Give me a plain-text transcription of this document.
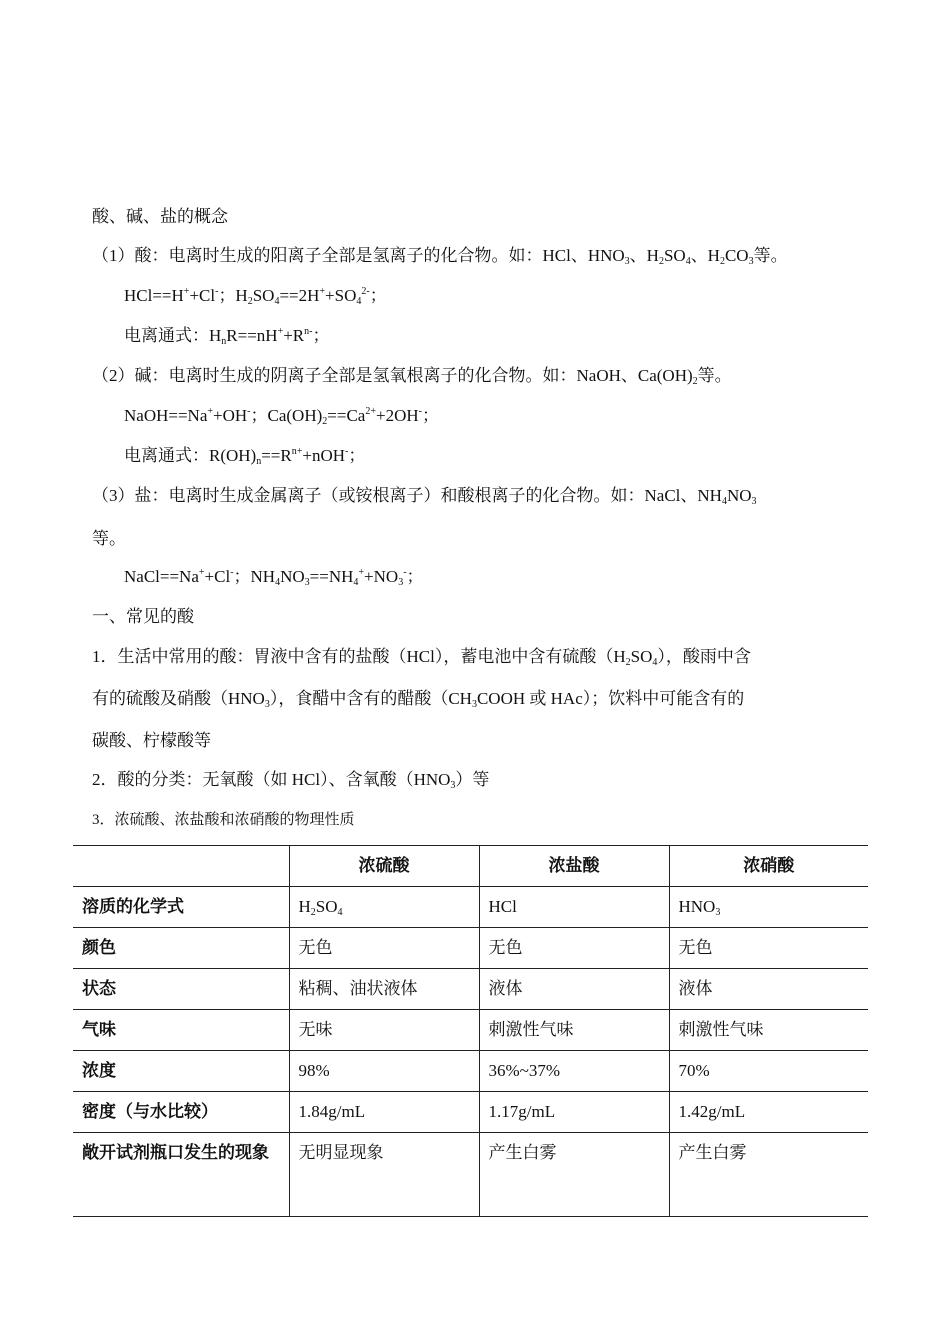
酸、碱、盐的概念
（1）酸：电离时生成的阳离子全部是氢离子的化合物。如：HCl、$HNO_3$、$H_2SO_4$、$H_2CO_3$等。
HCl==H++Cl-；$H_2SO_4==2H^++SO_4^{2-}$；
电离通式：$H_nR==nH^++R^{n-}$；
（2）碱：电离时生成的阴离子全部是氢氧根离子的化合物。如：NaOH、$Ca(OH)_2$等。
NaOH==Na++OH-；$Ca(OH)_2==Ca^{2+}+2OH^-$；
电离通式：$R(OH)_n==R^{n+}+nOH^-$；
（3）盐：电离时生成金属离子（或铵根离子）和酸根离子的化合物。如：NaCl、$NH_4NO_3$
等。
NaCl==Na++Cl-；$NH_4NO_3==NH_4^++NO_3^-$；
一、常见的酸
1．生活中常用的酸：胃液中含有的盐酸（HCl），蓄电池中含有硫酸$(H_2SO_4)$，酸雨中含
有的硫酸及硝酸$(HNO_3)$，食醋中含有的醋酸（$CH_3COOH$ 或 HAc）；饮料中可能含有的
碳酸、柠檬酸等
2．酸的分类：无氧酸（如 HCl）、含氧酸$(HNO_3)$等
3．浓硫酸、浓盐酸和浓硝酸的物理性质
	浓硫酸	浓盐酸	浓硝酸
溶质的化学式	$H_2SO_4$	HCl	$HNO_3$
颜色	无色	无色	无色
状态	粘稠、油状液体	液体	液体
气味	无味	刺激性气味	刺激性气味
浓度	98%	36%~37%	70%
密度（与水比较）	1.84g/mL	1.17g/mL	1.42g/mL
敞开试剂瓶口发生的现象	无明显现象	产生白雾	产生白雾
